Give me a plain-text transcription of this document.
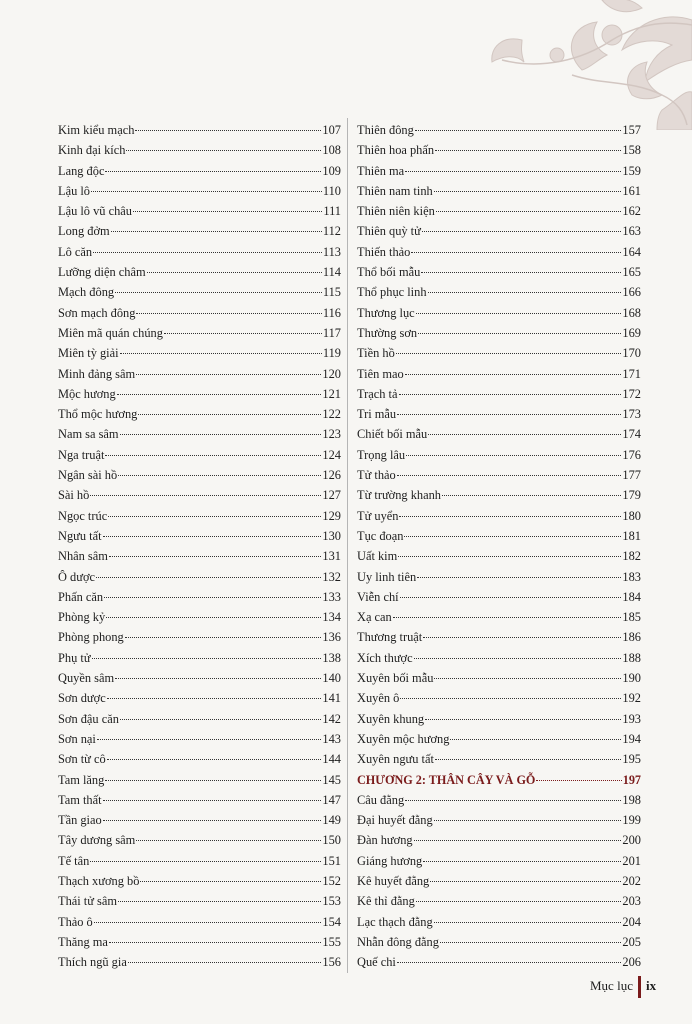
Kim kiểu mạch	107
Kinh đại kích	108
Lang độc	109
Lậu lô	110
Lậu lô vũ châu	111
Long đởm	112
Lô căn	113
Lưỡng diện châm	114
Mạch đông	115
Sơn mạch đông	116
Miên mã quán chúng	117
Miên tỳ giải	119
Minh đảng sâm	120
Mộc hương	121
Thổ mộc hương	122
Nam sa sâm	123
Nga truật	124
Ngân sài hồ	126
Sài hồ	127
Ngọc trúc	129
Ngưu tất	130
Nhân sâm	131
Ô dược	132
Phấn căn	133
Phòng kỷ	134
Phòng phong	136
Phụ tử	138
Quyền sâm	140
Sơn dược	141
Sơn đậu căn	142
Sơn nại	143
Sơn từ cô	144
Tam lăng	145
Tam thất	147
Tần giao	149
Tây dương sâm	150
Tế tân	151
Thạch xương bồ	152
Thái tử sâm	153
Thảo ô	154
Thăng ma	155
Thích ngũ gia	156
Thiên đông	157
Thiên hoa phấn	158
Thiên ma	159
Thiên nam tinh	161
Thiên niên kiện	162
Thiên quỳ tử	163
Thiến thảo	164
Thổ bối mẫu	165
Thổ phục linh	166
Thương lục	168
Thường sơn	169
Tiền hồ	170
Tiên mao	171
Trạch tả	172
Tri mẫu	173
Chiết bối mẫu	174
Trọng lâu	176
Tử thảo	177
Từ trường khanh	179
Tử uyển	180
Tục đoạn	181
Uất kim	182
Uy linh tiên	183
Viễn chí	184
Xạ can	185
Thương truật	186
Xích thược	188
Xuyên bối mẫu	190
Xuyên ô	192
Xuyên khung	193
Xuyên mộc hương	194
Xuyên ngưu tất	195
CHƯƠNG 2: THÂN CÂY VÀ GỖ	197
Câu đằng	198
Đại huyết đằng	199
Đàn hương	200
Giáng hương	201
Kê huyết đằng	202
Kê thỉ đằng	203
Lạc thạch đằng	204
Nhẫn đông đằng	205
Quế chi	206
Mục lục ix
